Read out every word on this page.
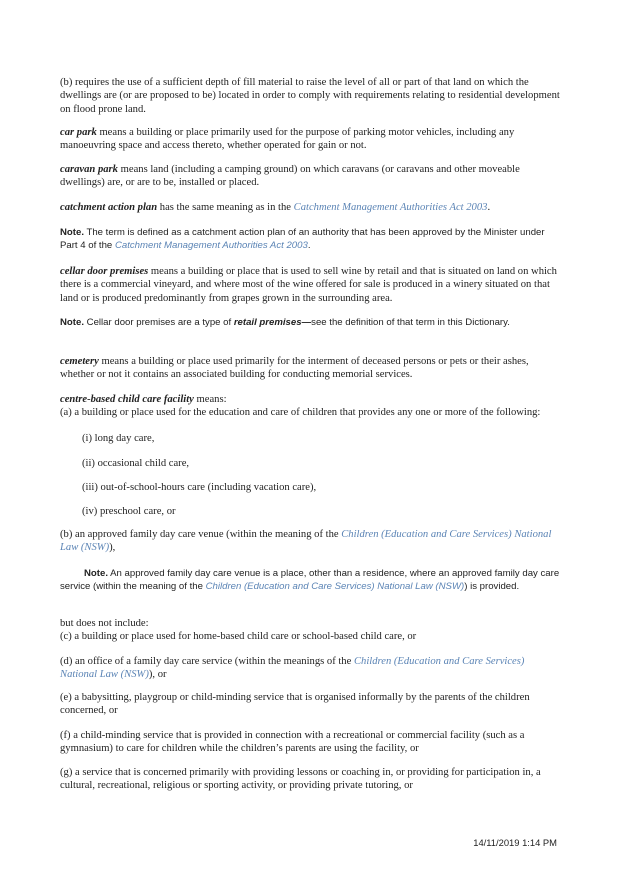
(b) requires the use of a sufficient depth of fill material to raise the level of all or part of that land on which the dwellings are (or are proposed to be) located in order to comply with requirements relating to residential development on flood prone land.

car park means a building or place primarily used for the purpose of parking motor vehicles, including any manoeuvring space and access thereto, whether operated for gain or not.

caravan park means land (including a camping ground) on which caravans (or caravans and other moveable dwellings) are, or are to be, installed or placed.

catchment action plan has the same meaning as in the Catchment Management Authorities Act 2003.

Note. The term is defined as a catchment action plan of an authority that has been approved by the Minister under Part 4 of the Catchment Management Authorities Act 2003.

cellar door premises means a building or place that is used to sell wine by retail and that is situated on land on which there is a commercial vineyard, and where most of the wine offered for sale is produced in a winery situated on that land or is produced predominantly from grapes grown in the surrounding area.

Note. Cellar door premises are a type of retail premises—see the definition of that term in this Dictionary.

cemetery means a building or place used primarily for the interment of deceased persons or pets or their ashes, whether or not it contains an associated building for conducting memorial services.

centre-based child care facility means:
(a) a building or place used for the education and care of children that provides any one or more of the following:

(i) long day care,

(ii) occasional child care,

(iii) out-of-school-hours care (including vacation care),

(iv) preschool care, or

(b) an approved family day care venue (within the meaning of the Children (Education and Care Services) National Law (NSW)),

Note. An approved family day care venue is a place, other than a residence, where an approved family day care service (within the meaning of the Children (Education and Care Services) National Law (NSW)) is provided.

but does not include:
(c) a building or place used for home-based child care or school-based child care, or

(d) an office of a family day care service (within the meanings of the Children (Education and Care Services) National Law (NSW)), or

(e) a babysitting, playgroup or child-minding service that is organised informally by the parents of the children concerned, or

(f) a child-minding service that is provided in connection with a recreational or commercial facility (such as a gymnasium) to care for children while the children’s parents are using the facility, or

(g) a service that is concerned primarily with providing lessons or coaching in, or providing for participation in, a cultural, recreational, religious or sporting activity, or providing private tutoring, or

14/11/2019 1:14 PM
